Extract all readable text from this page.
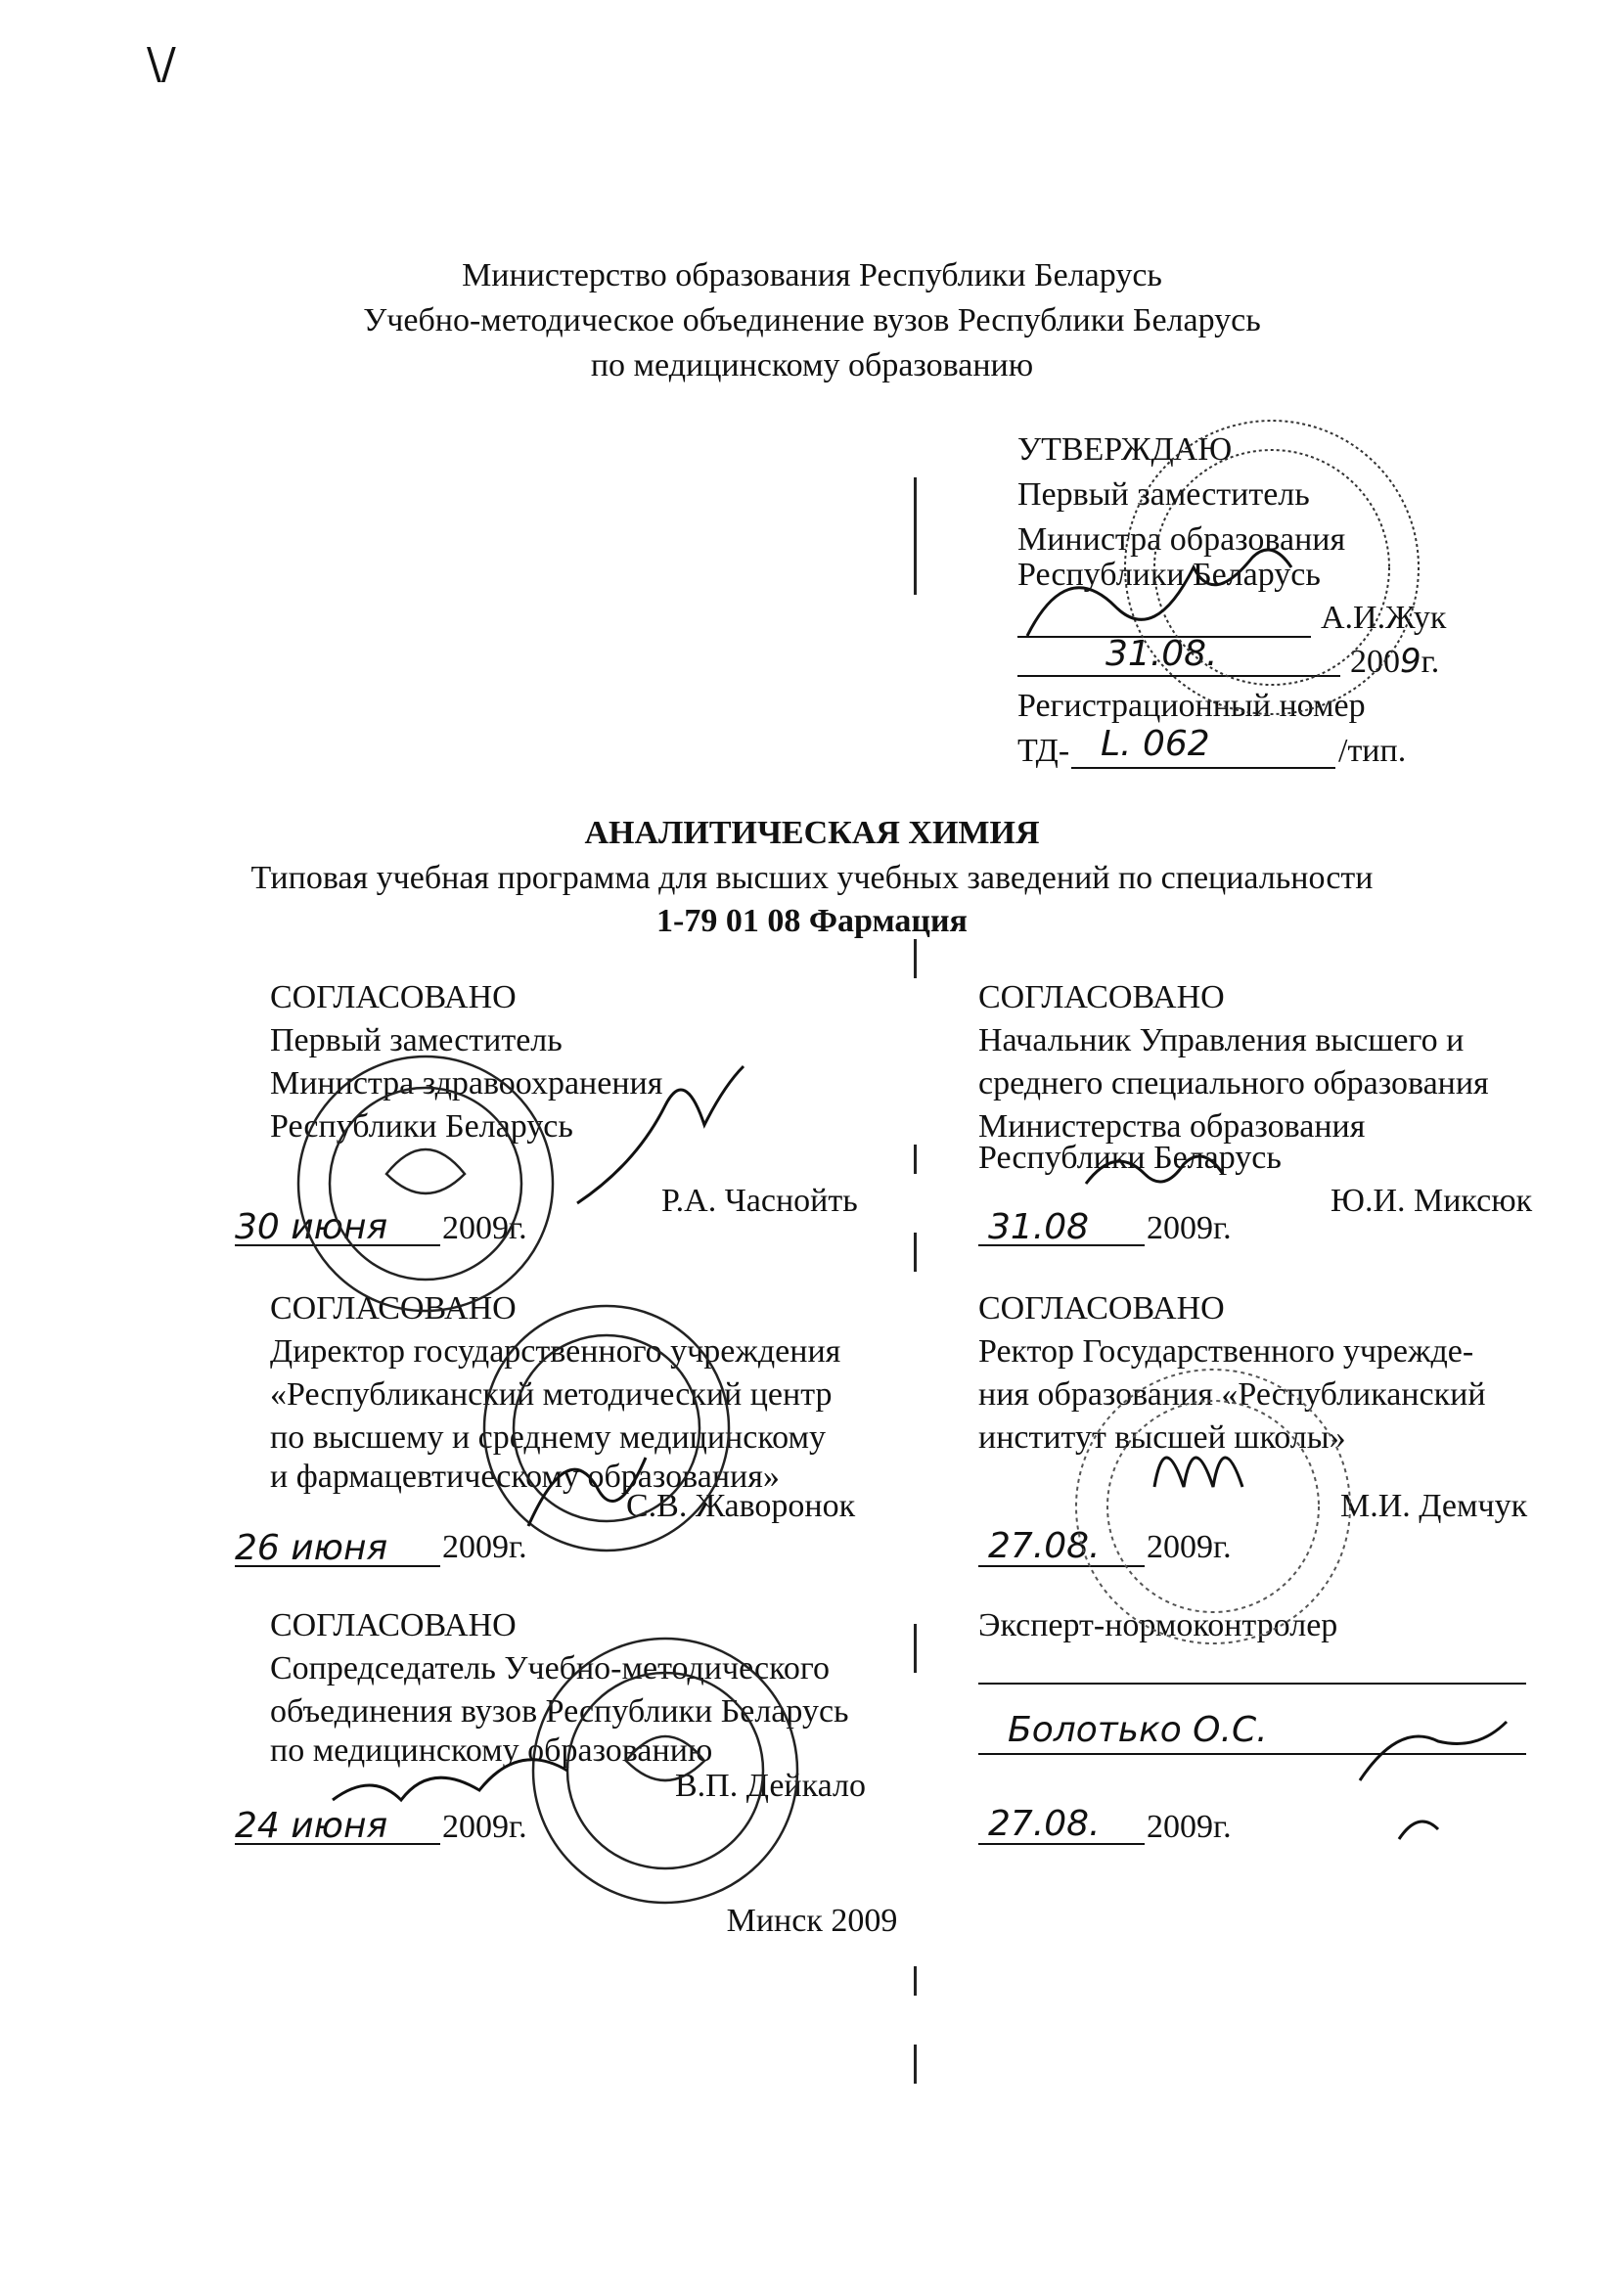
\/
Министерство образования Республики Беларусь
Учебно-методическое объединение вузов Республики Беларусь
по медицинскому образованию
УТВЕРЖДАЮ
Первый заместитель
Министра образования
Республики Беларусь
А.И.Жук
31.08.	2009г.
Регистрационный номер
ТД- L. 062	/тип.
АНАЛИТИЧЕСКАЯ ХИМИЯ
Типовая учебная программа для высших учебных заведений по специальности
1-79 01 08 Фармация
СОГЛАСОВАНО
Первый заместитель
Министра здравоохранения
Республики Беларусь
Р.А. Часнойть
30 июня 2009г.
СОГЛАСОВАНО
Начальник Управления высшего и
среднего специального образования
Министерства образования
Республики Беларусь
Ю.И. Миксюк
31.08 2009г.
СОГЛАСОВАНО
Директор государственного учреждения
«Республиканский методический центр
по высшему и среднему медицинскому
и фармацевтическому образования»
С.В. Жаворонок
26 июня 2009г.
СОГЛАСОВАНО
Ректор Государственного учрежде-
ния образования «Республиканский
институт высшей школы»
М.И. Демчук
27.08. 2009г.
СОГЛАСОВАНО
Сопредседатель Учебно-методического
объединения вузов Республики Беларусь
по медицинскому образованию
В.П. Дейкало
24 июня 2009г.
Эксперт-нормоконтролер
Болотько О.С.
27.08. 2009г.
Минск 2009
